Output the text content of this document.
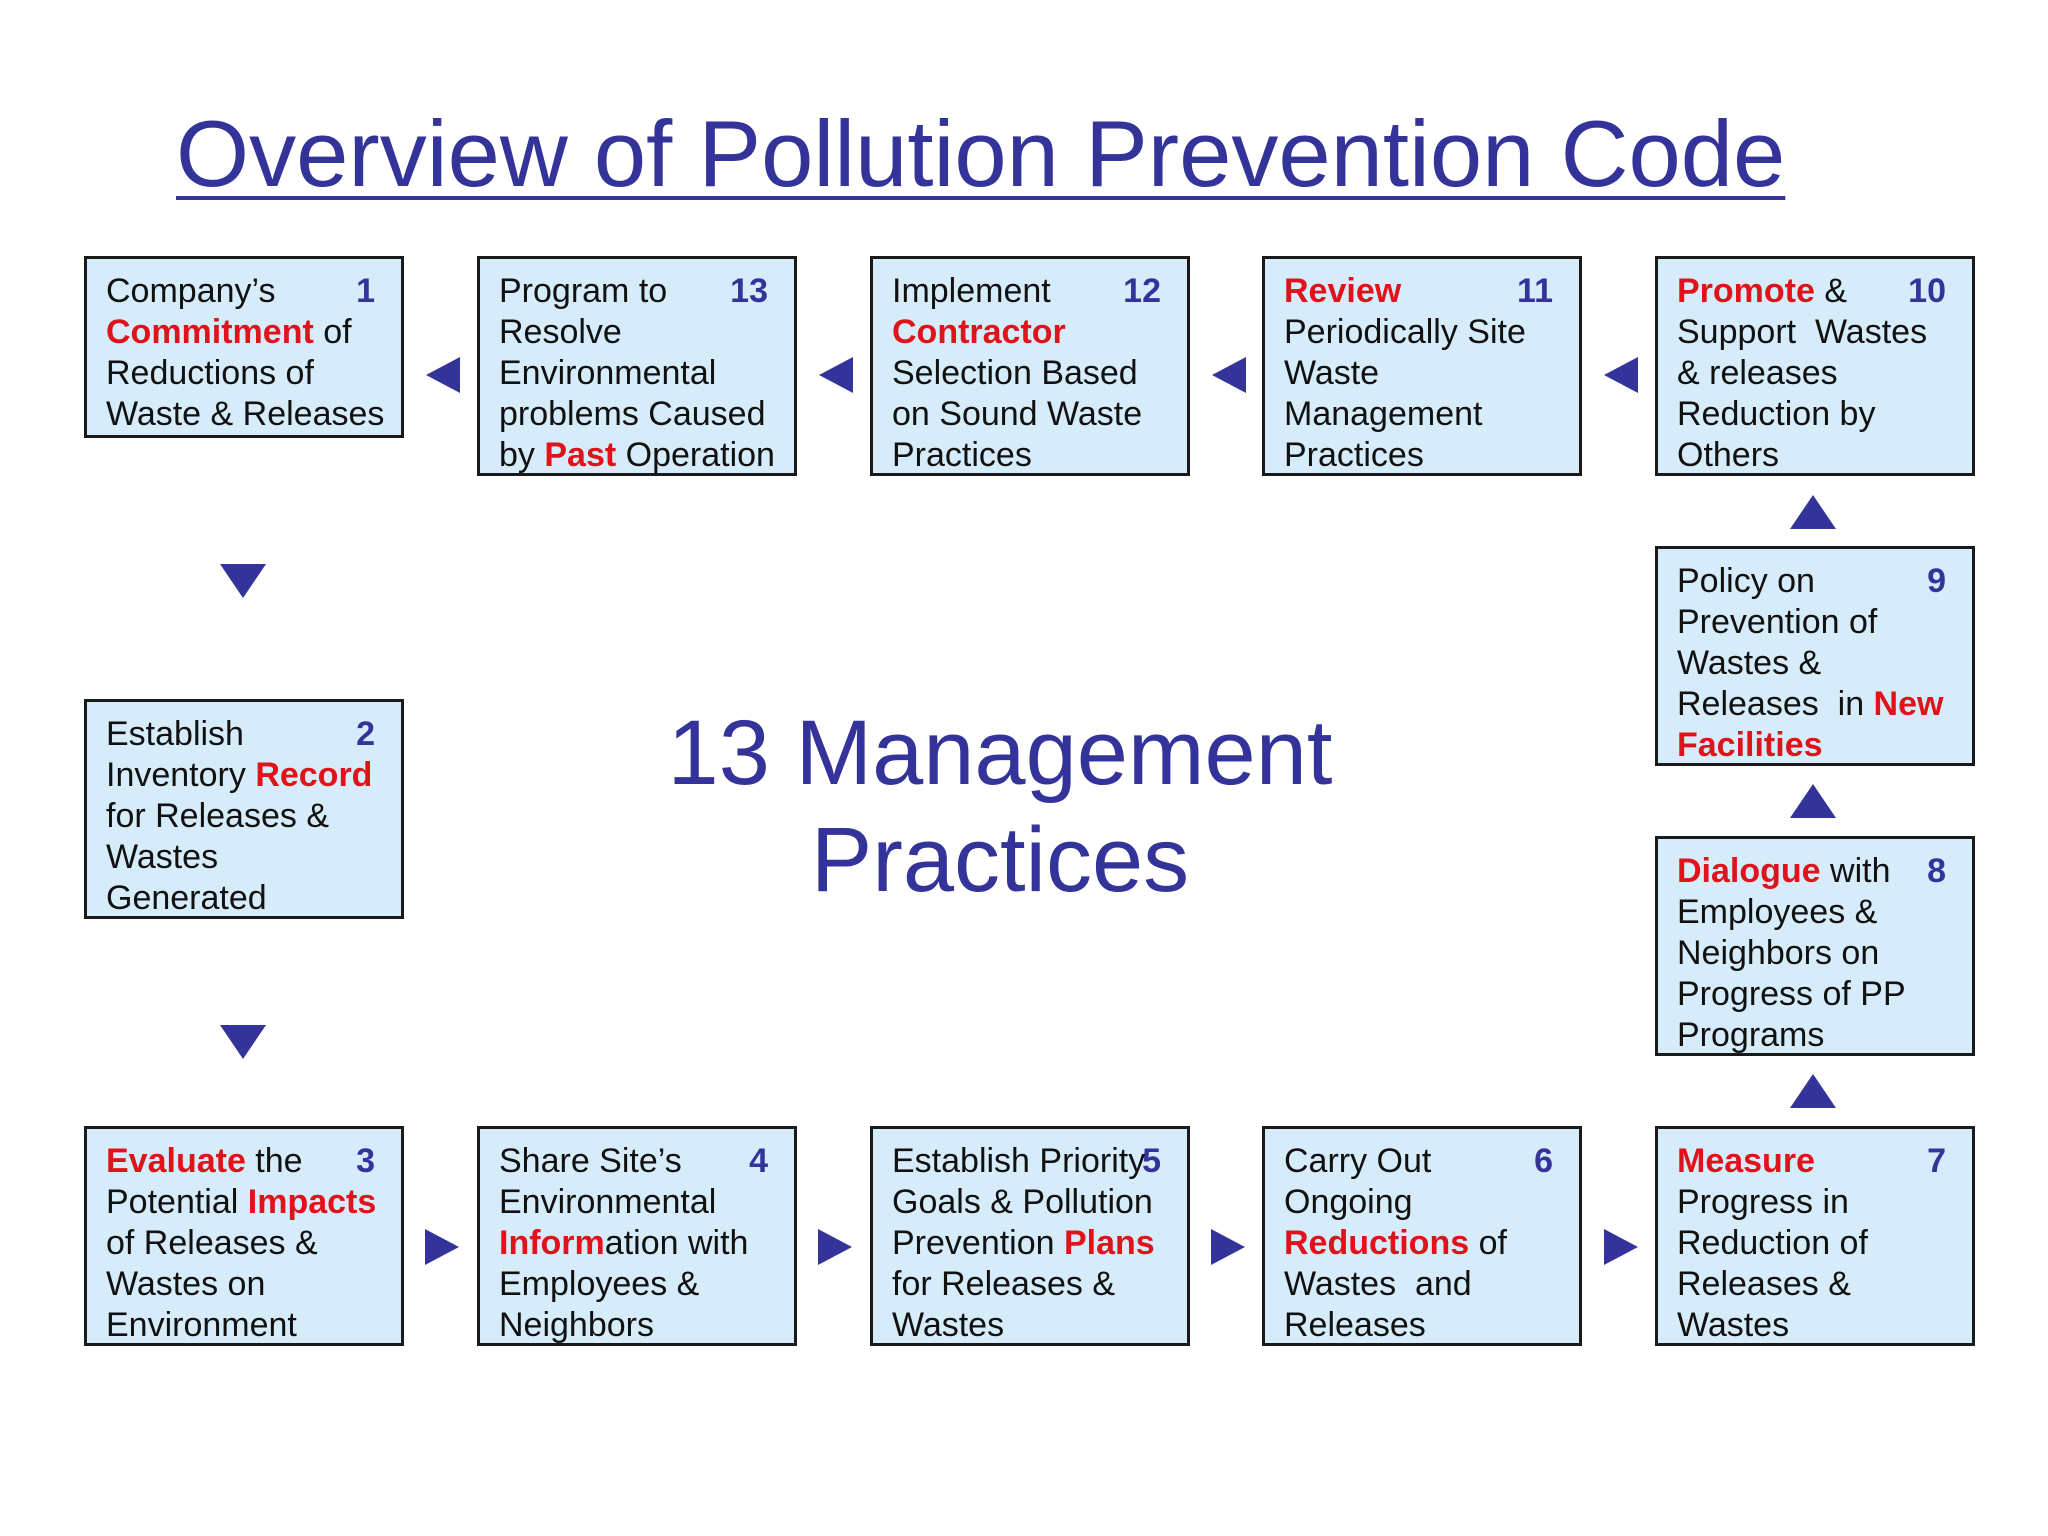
Overview of Pollution Prevention Code
13 Management
Practices
1
Company’s
Commitment of
Reductions of
Waste & Releases
13
Program to
Resolve
Environmental
problems Caused
by Past Operation
12
Implement
Contractor
Selection Based
on Sound Waste
Practices
11
Review
Periodically Site
Waste
Management
Practices
10
Promote &
Support  Wastes
& releases
Reduction by
Others
2
Establish
Inventory Record
for Releases &
Wastes
Generated
9
Policy on
Prevention of
Wastes &
Releases  in New
Facilities
8
Dialogue with
Employees &
Neighbors on
Progress of PP
Programs
3
Evaluate the
Potential Impacts
of Releases &
Wastes on
Environment
4
Share Site’s
Environmental
Information with
Employees &
Neighbors
5
Establish Priority
Goals & Pollution
Prevention Plans
for Releases &
Wastes
6
Carry Out
Ongoing
Reductions of
Wastes  and
Releases
7
Measure
Progress in
Reduction of
Releases &
Wastes
